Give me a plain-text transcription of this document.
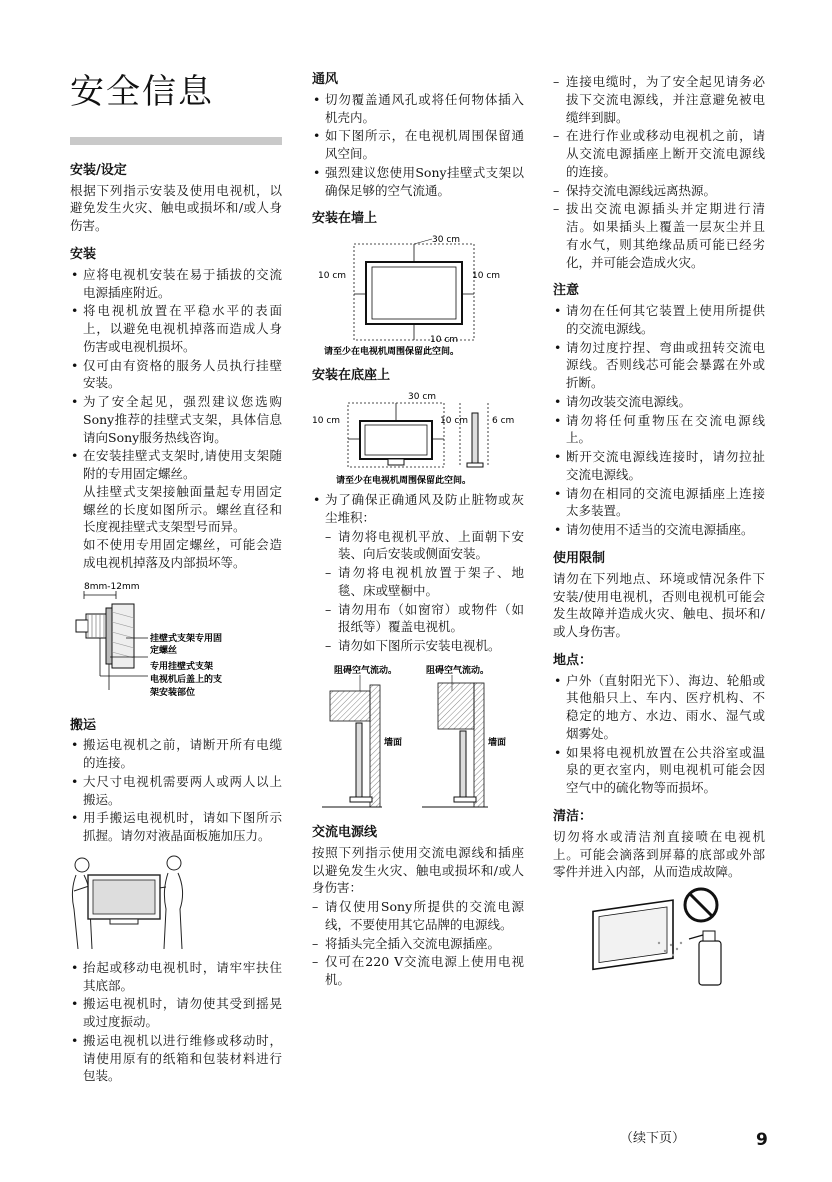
安全信息
安装/设定

根据下列指示安装及使用电视机，以避免发生火灾、触电或损坏和/或人身伤害。

安装
• 应将电视机安装在易于插拔的交流电源插座附近。
• 将电视机放置在平稳水平的表面上，以避免电视机掉落而造成人身伤害或电视机损坏。
• 仅可由有资格的服务人员执行挂壁安装。
• 为了安全起见，强烈建议您选购Sony推荐的挂壁式支架，具体信息请向Sony服务热线咨询。
• 在安装挂壁式支架时,请使用支架随附的专用固定螺丝。
从挂壁式支架接触面量起专用固定螺丝的长度如图所示。螺丝直径和长度视挂壁式支架型号而异。
如不使用专用固定螺丝，可能会造成电视机掉落及内部损坏等。
8mm-12mm
挂壁式支架专用固
定螺丝
专用挂壁式支架
电视机后盖上的支
架安装部位
搬运
• 搬运电视机之前，请断开所有电缆的连接。
• 大尺寸电视机需要两人或两人以上搬运。
• 用手搬运电视机时，请如下图所示抓握。请勿对液晶面板施加压力。
• 抬起或移动电视机时，请牢牢扶住其底部。
• 搬运电视机时，请勿使其受到摇晃或过度振动。
• 搬运电视机以进行维修或移动时，请使用原有的纸箱和包装材料进行包装。
通风
• 切勿覆盖通风孔或将任何物体插入机壳内。
• 如下图所示，在电视机周围保留通风空间。
• 强烈建议您使用Sony挂壁式支架以确保足够的空气流通。
安装在墙上
30 cm
10 cm	10 cm
10 cm
请至少在电视机周围保留此空间。
安装在底座上
30 cm
10 cm	10 cm	6 cm
请至少在电视机周围保留此空间。
• 为了确保正确通风及防止脏物或灰尘堆积：
– 请勿将电视机平放、上面朝下安装、向后安装或侧面安装。
– 请勿将电视机放置于架子、地毯、床或壁橱中。
– 请勿用布（如窗帘）或物件（如报纸等）覆盖电视机。
– 请勿如下图所示安装电视机。
阻碍空气流动。	阻碍空气流动。
墙面	墙面
交流电源线

按照下列指示使用交流电源线和插座以避免发生火灾、触电或损坏和/或人身伤害：

– 请仅使用Sony所提供的交流电源线，不要使用其它品牌的电源线。
– 将插头完全插入交流电源插座。
– 仅可在220 V交流电源上使用电视机。
– 连接电缆时，为了安全起见请务必拔下交流电源线，并注意避免被电缆绊到脚。
– 在进行作业或移动电视机之前，请从交流电源插座上断开交流电源线的连接。
– 保持交流电源线远离热源。
– 拔出交流电源插头并定期进行清洁。如果插头上覆盖一层灰尘并且有水气，则其绝缘品质可能已经劣化，并可能会造成火灾。
注意
• 请勿在任何其它装置上使用所提供的交流电源线。
• 请勿过度拧捏、弯曲或扭转交流电源线。否则线芯可能会暴露在外或折断。
• 请勿改装交流电源线。
• 请勿将任何重物压在交流电源线上。
• 断开交流电源线连接时，请勿拉扯交流电源线。
• 请勿在相同的交流电源插座上连接太多装置。
• 请勿使用不适当的交流电源插座。
使用限制

请勿在下列地点、环境或情况条件下安装/使用电视机，否则电视机可能会发生故障并造成火灾、触电、损坏和/或人身伤害。

地点：
• 户外（直射阳光下）、海边、轮船或其他船只上、车内、医疗机构、不稳定的地方、水边、雨水、湿气或烟雾处。
• 如果将电视机放置在公共浴室或温泉的更衣室内，则电视机可能会因空气中的硫化物等而损坏。
清洁：

切勿将水或清洁剂直接喷在电视机上。可能会滴落到屏幕的底部或外部零件并进入内部，从而造成故障。

（续下页）	9
